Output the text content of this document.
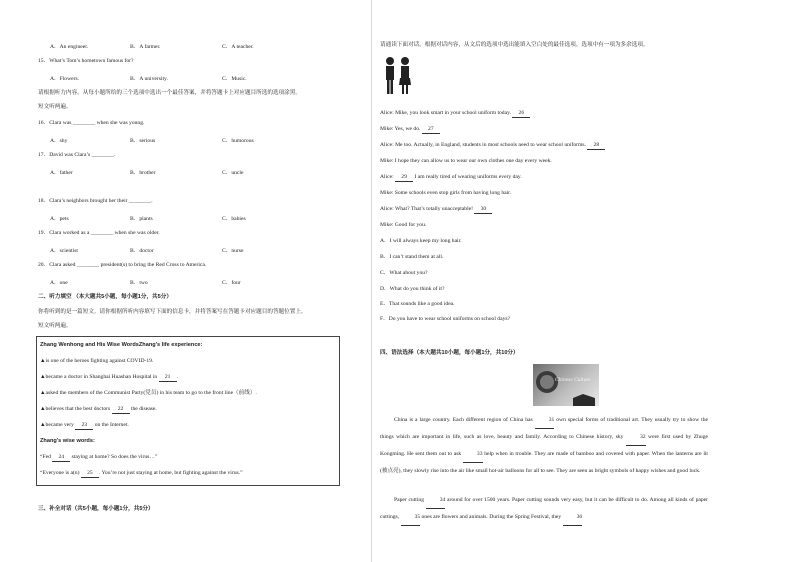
A．An engineer.	B．A farmer.	C．A teacher.
15．What’s Tom’s hometown famous for?
A．Flowers.	B．A university.	C．Music.
请根据听力内容，从每小题所给的三个选项中选出一个最佳答案，并将答题卡上对应题目所选的选项涂黑。
短文听两遍。
16．Clara was ________ when she was young.
A．shy	B．serious	C．humorous
17．David was Clara’s ________.
A．father	B．brother	C．uncle
18．Clara’s neighbors brought her their ________.
A．pets	B．plants	C．babies
19．Clara worked as a ________ when she was older.
A．scientist	B．doctor	C．nurse
20．Clara asked ________ president(s) to bring the Red Cross to America.
A．one	B．two	C．four
二、听力填空 （本大题共5小题，每小题1分，共5分）
你将听到的是一篇短文。请你根据所听内容填写下面的信息卡，并将答案写在答题卡对应题目的答题位置上。
短文听两遍。
Zhang Wenhong and His Wise WordsZhang’s life experience:
▲is one of the heroes fighting against COVID-19.
▲became a doctor in Shanghai Huashan Hospital in 21 .
▲asked the members of the Communist Party(党员) in his team to go to the front line（前线）.
▲believes that the best doctors 22 the disease.
▲became very 23 on the Internet.
Zhang’s wise words:
“Fed 24 staying at home? So does the virus…”
“Everyone is a(n) 25 . You’re not just staying at home, but fighting against the virus.”
三、补全对话（共5小题，每小题1分，共5分）
请通读下面对话，根据对话内容，从文后的选项中选出能填入空白处的最佳选项。选项中有一项为多余选项。
Alice: Mike, you look smart in your school uniform today. 26
Mike: Yes, we do. 27
Alice: Me too. Actually, in England, students in most schools need to wear school uniforms. 28
Mike: I hope they can allow us to wear our own clothes one day every week.
Alice: 29 I am really tired of wearing uniforms every day.
Mike: Some schools even stop girls from having long hair.
Alice: What? That’s totally unacceptable! 30
Mike: Good for you.
A．I will always keep my long hair.
B．I can’t stand them at all.
C．What about you?
D．What do you think of it?
E．That sounds like a good idea.
F．Do you have to wear school uniforms on school days?
四、语法选择（本大题共10小题，每小题1分，共10分）
Chinese Culture
China is a large country. Each different region of China has	31 own special forms of traditional art. They usually try to show the things which are important in life, such as love, beauty and family. According to Chinese history, sky	32 were first used by Zhuge Kongming. He sent them out to ask	33 help when in trouble. They are made of bamboo and covered with paper. When the lanterns are lit (被点亮), they slowly rise into the air like small hot-air balloons for all to see. They are seen as bright symbols of happy wishes and good luck.
Paper cutting	34 around for over 1500 years. Paper cutting sounds very easy, but it can be difficult to do. Among all kinds of paper cuttings,	35 ones are flowers and animals. During the Spring Festival, they	36
